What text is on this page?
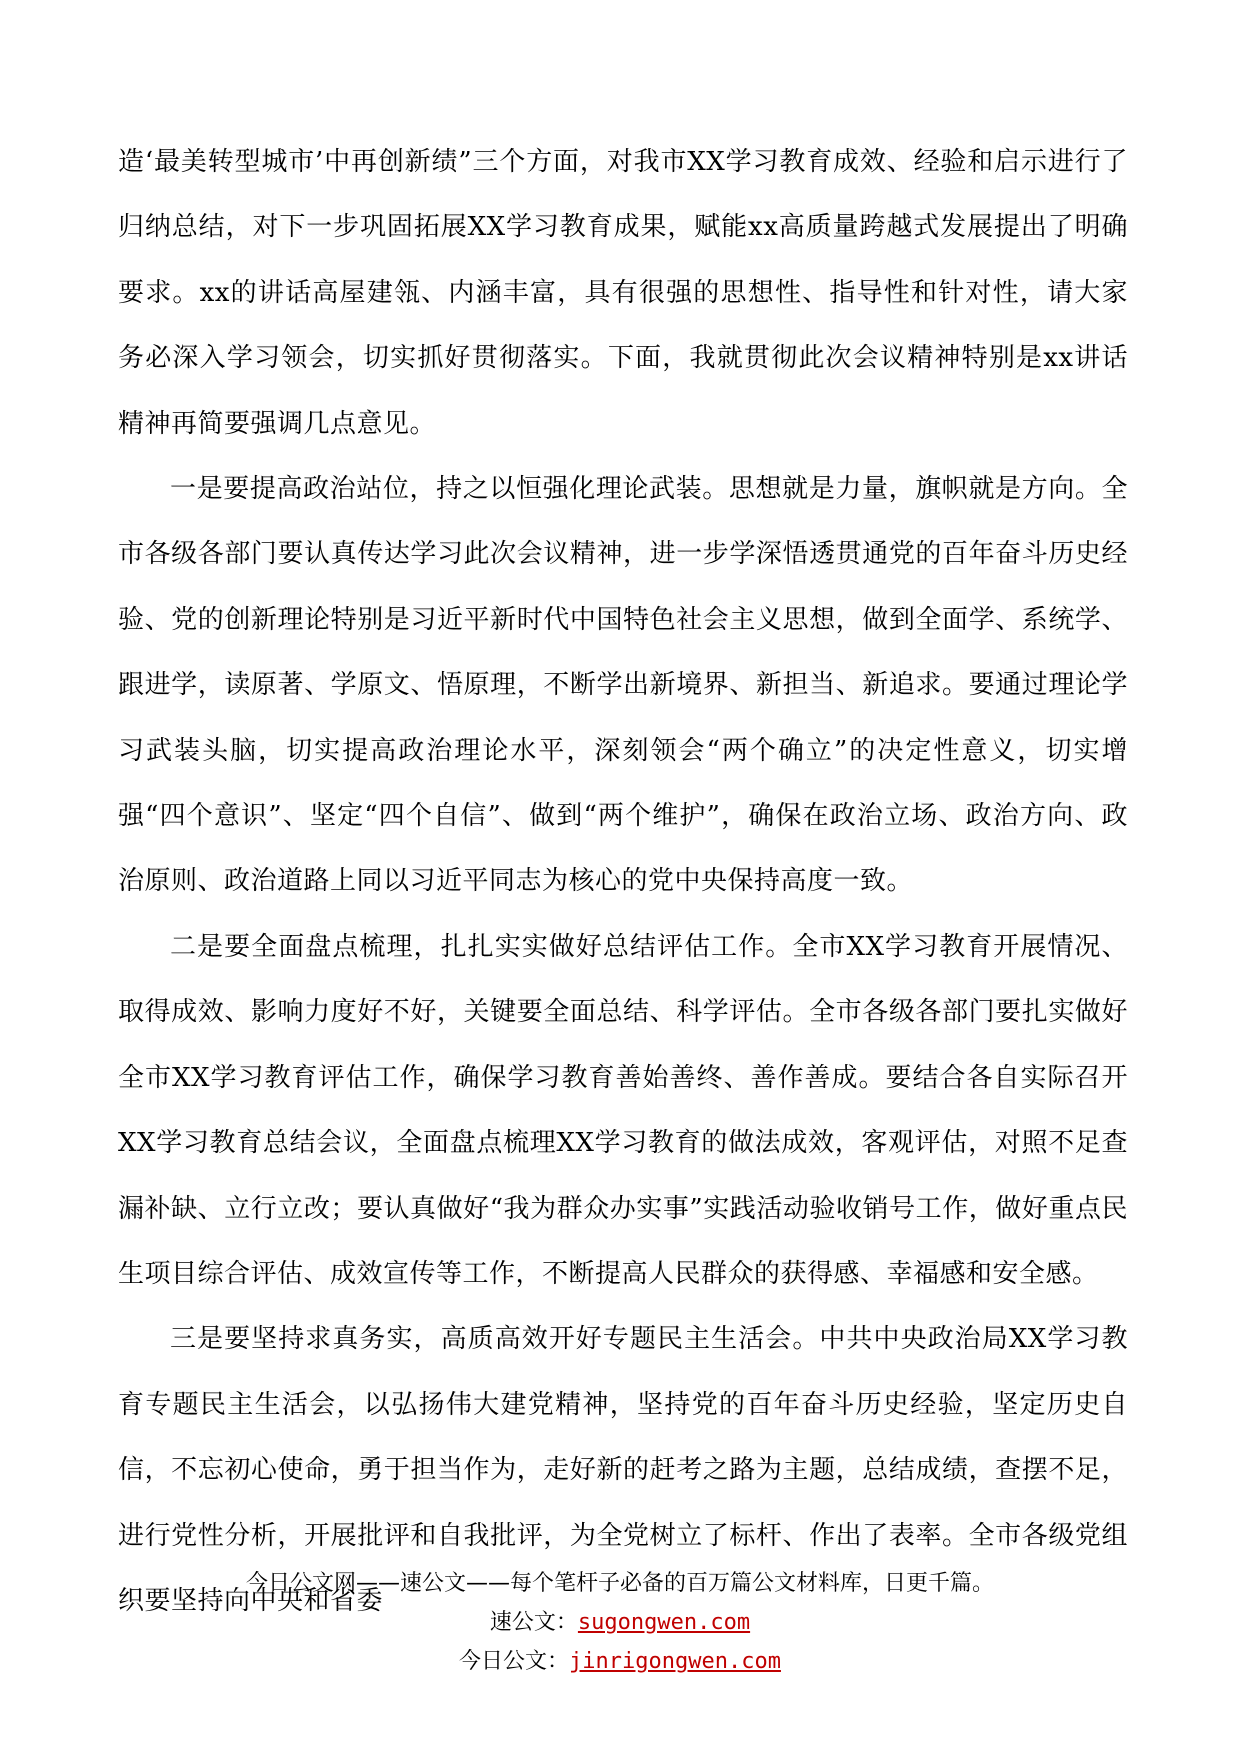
造‘最美转型城市’中再创新绩”三个方面，对我市XX学习教育成效、经验和启示进行了归纳总结，对下一步巩固拓展XX学习教育成果，赋能xx高质量跨越式发展提出了明确要求。xx的讲话高屋建瓴、内涵丰富，具有很强的思想性、指导性和针对性，请大家务必深入学习领会，切实抓好贯彻落实。下面，我就贯彻此次会议精神特别是xx讲话精神再简要强调几点意见。

一是要提高政治站位，持之以恒强化理论武装。思想就是力量，旗帜就是方向。全市各级各部门要认真传达学习此次会议精神，进一步学深悟透贯通党的百年奋斗历史经验、党的创新理论特别是习近平新时代中国特色社会主义思想，做到全面学、系统学、跟进学，读原著、学原文、悟原理，不断学出新境界、新担当、新追求。要通过理论学习武装头脑，切实提高政治理论水平，深刻领会“两个确立”的决定性意义，切实增强“四个意识”、坚定“四个自信”、做到“两个维护”，确保在政治立场、政治方向、政治原则、政治道路上同以习近平同志为核心的党中央保持高度一致。

二是要全面盘点梳理，扎扎实实做好总结评估工作。全市XX学习教育开展情况、取得成效、影响力度好不好，关键要全面总结、科学评估。全市各级各部门要扎实做好全市XX学习教育评估工作，确保学习教育善始善终、善作善成。要结合各自实际召开XX学习教育总结会议，全面盘点梳理XX学习教育的做法成效，客观评估，对照不足查漏补缺、立行立改；要认真做好“我为群众办实事”实践活动验收销号工作，做好重点民生项目综合评估、成效宣传等工作，不断提高人民群众的获得感、幸福感和安全感。

三是要坚持求真务实，高质高效开好专题民主生活会。中共中央政治局XX学习教育专题民主生活会，以弘扬伟大建党精神，坚持党的百年奋斗历史经验，坚定历史自信，不忘初心使命，勇于担当作为，走好新的赶考之路为主题，总结成绩，查摆不足，进行党性分析，开展批评和自我批评，为全党树立了标杆、作出了表率。全市各级党组织要坚持向中央和省委

今日公文网——速公文——每个笔杆子必备的百万篇公文材料库，日更千篇。
速公文：sugongwen.com
今日公文：jinrigongwen.com
